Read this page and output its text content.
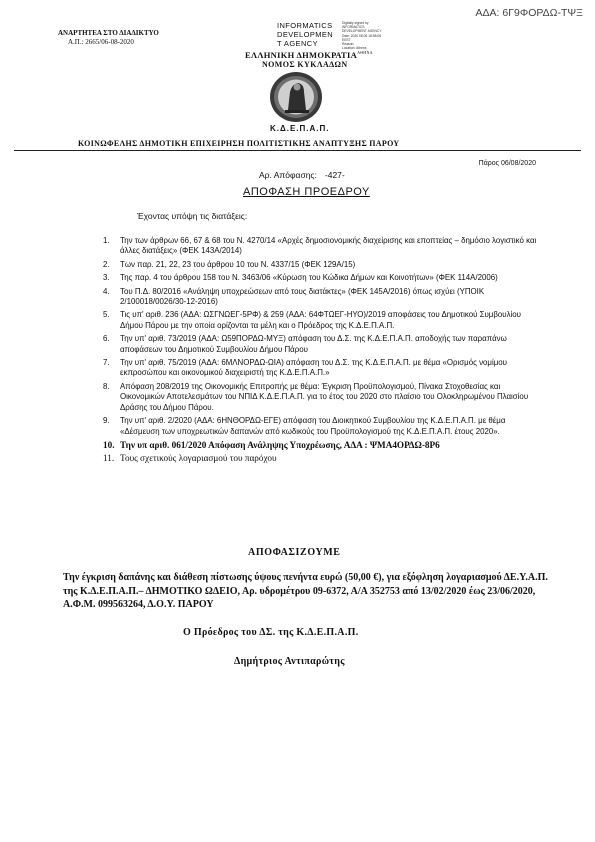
ΑΔΑ: 6Γ9ΦΟΡΔΩ-ΤΨΞ
ΑΝΑΡΤΗΤΕΑ ΣΤΟ ΔΙΑΔΙΚΤΥΟ
Α.Π.: 2665/06-08-2020
INFORMATICS
DEVELOPMEN
T AGENCY
Digitally signed by
INFORMATICS
DEVELOPMENT AGENCY
Date: 2020.08.06 18:58:06
EEST
Reason:
Location: Athens
ΕΛΛΗΝΙΚΗ $\Delta HMOKPATIA^{A\Theta HNA}$
ΝΟΜΟΣ ΚΥΚΛΑΔΩΝ
Κ.Δ.Ε.Π.Α.Π.
ΚΟΙΝΩΦΕΛΗΣ ΔΗΜΟΤΙΚΗ ΕΠΙΧΕΙΡΗΣΗ ΠΟΛΙΤΙΣΤΙΚΗΣ ΑΝΑΠΤΥΞΗΣ ΠΑΡΟΥ
Πάρος 06/08/2020
Αρ. Απόφασης: -427-
ΑΠΟΦΑΣΗ ΠΡΟΕΔΡΟΥ
Έχοντας υπόψη τις διατάξεις:
1. Την των άρθρων 66, 67 & 68 του Ν. 4270/14 «Αρχές δημοσιονομικής διαχείρισης και εποπτείας – δημόσιο λογιστικό και άλλες διατάξεις» (ΦΕΚ 143Α/2014)
2. Των παρ. 21, 22, 23 του άρθρου 10 του Ν. 4337/15 (ΦΕΚ 129Α/15)
3. Της παρ. 4 του άρθρου 158 του Ν. 3463/06 «Κύρωση του Κώδικα Δήμων και Κοινοτήτων» (ΦΕΚ 114Α/2006)
4. Του Π.Δ. 80/2016 «Ανάληψη υποχρεώσεων από τους διατάκτες» (ΦΕΚ 145Α/2016) όπως ισχύει (ΥΠΟΙΚ 2/100018/0026/30-12-2016)
5. Τις υπ' αριθ. 236 (ΑΔΑ: ΩΣΓΝΩΕΓ-5ΡΦ) & 259 (ΑΔΑ: 64ΦΤΩΕΓ-ΗΥΟ)/2019 αποφάσεις του Δημοτικού Συμβουλίου Δήμου Πάρου με την οποία ορίζονται τα μέλη και ο Πρόεδρος της Κ.Δ.Ε.Π.Α.Π.
6. Την υπ' αριθ. 73/2019 (ΑΔΑ: Ω59ΠΟΡΔΩ-ΜΥΞ) απόφαση του Δ.Σ. της Κ.Δ.Ε.Π.Α.Π. αποδοχής των παραπάνω αποφάσεων του Δημοτικού Συμβουλίου Δήμου Πάρου
7. Την υπ' αριθ. 75/2019 (ΑΔΑ: 6ΜΛΝΟΡΔΩ-ΩΙΑ) απόφαση του Δ.Σ. της Κ.Δ.Ε.Π.Α.Π. με θέμα «Ορισμός νομίμου εκπροσώπου και οικονομικού διαχειριστή της Κ.Δ.Ε.Π.Α.Π.»
8. Απόφαση 208/2019 της Οικονομικής Επιτροπής με θέμα: Έγκριση Προϋπολογισμού, Πίνακα Στοχοθεσίας και Οικονομικών Αποτελεσμάτων του ΝΠΙΔ Κ.Δ.Ε.Π.Α.Π. για το έτος του 2020 στο πλαίσιο του Ολοκληρωμένου Πλαισίου Δράσης του Δήμου Πάρου.
9. Την υπ' αριθ. 2/2020 (ΑΔΑ: 6ΗΝΘΟΡΔΩ-ΕΓΕ) απόφαση του Διοικητικού Συμβουλίου της Κ.Δ.Ε.Π.Α.Π. με θέμα «Δέσμευση των υποχρεωτικών δαπανών από κωδικούς του Προϋπολογισμού της Κ.Δ.Ε.Π.Α.Π. έτους 2020».
10. Την υπ αριθ. 061/2020 Απόφαση Ανάληψης Υποχρέωσης, ΑΔΑ : ΨΜΑ4ΟΡΔΩ-8Ρ6
11. Τους σχετικούς λογαριασμού του παρόχου
ΑΠΟΦΑΣΙΖΟΥΜΕ
Την έγκριση δαπάνης και διάθεση πίστωσης ύψους πενήντα ευρώ (50,00 €), για εξόφληση λογαριασμού ΔΕ.Υ.Α.Π. της Κ.Δ.Ε.Π.Α.Π.– ΔΗΜΟΤΙΚΟ ΩΔΕΙΟ, Αρ. υδρομέτρου 09-6372, Α/Α 352753 από 13/02/2020 έως 23/06/2020, Α.Φ.Μ. 099563264, Δ.Ο.Υ. ΠΑΡΟΥ
Ο Πρόεδρος του ΔΣ. της Κ.Δ.Ε.Π.Α.Π.
Δημήτριος Αντιπαρώτης
